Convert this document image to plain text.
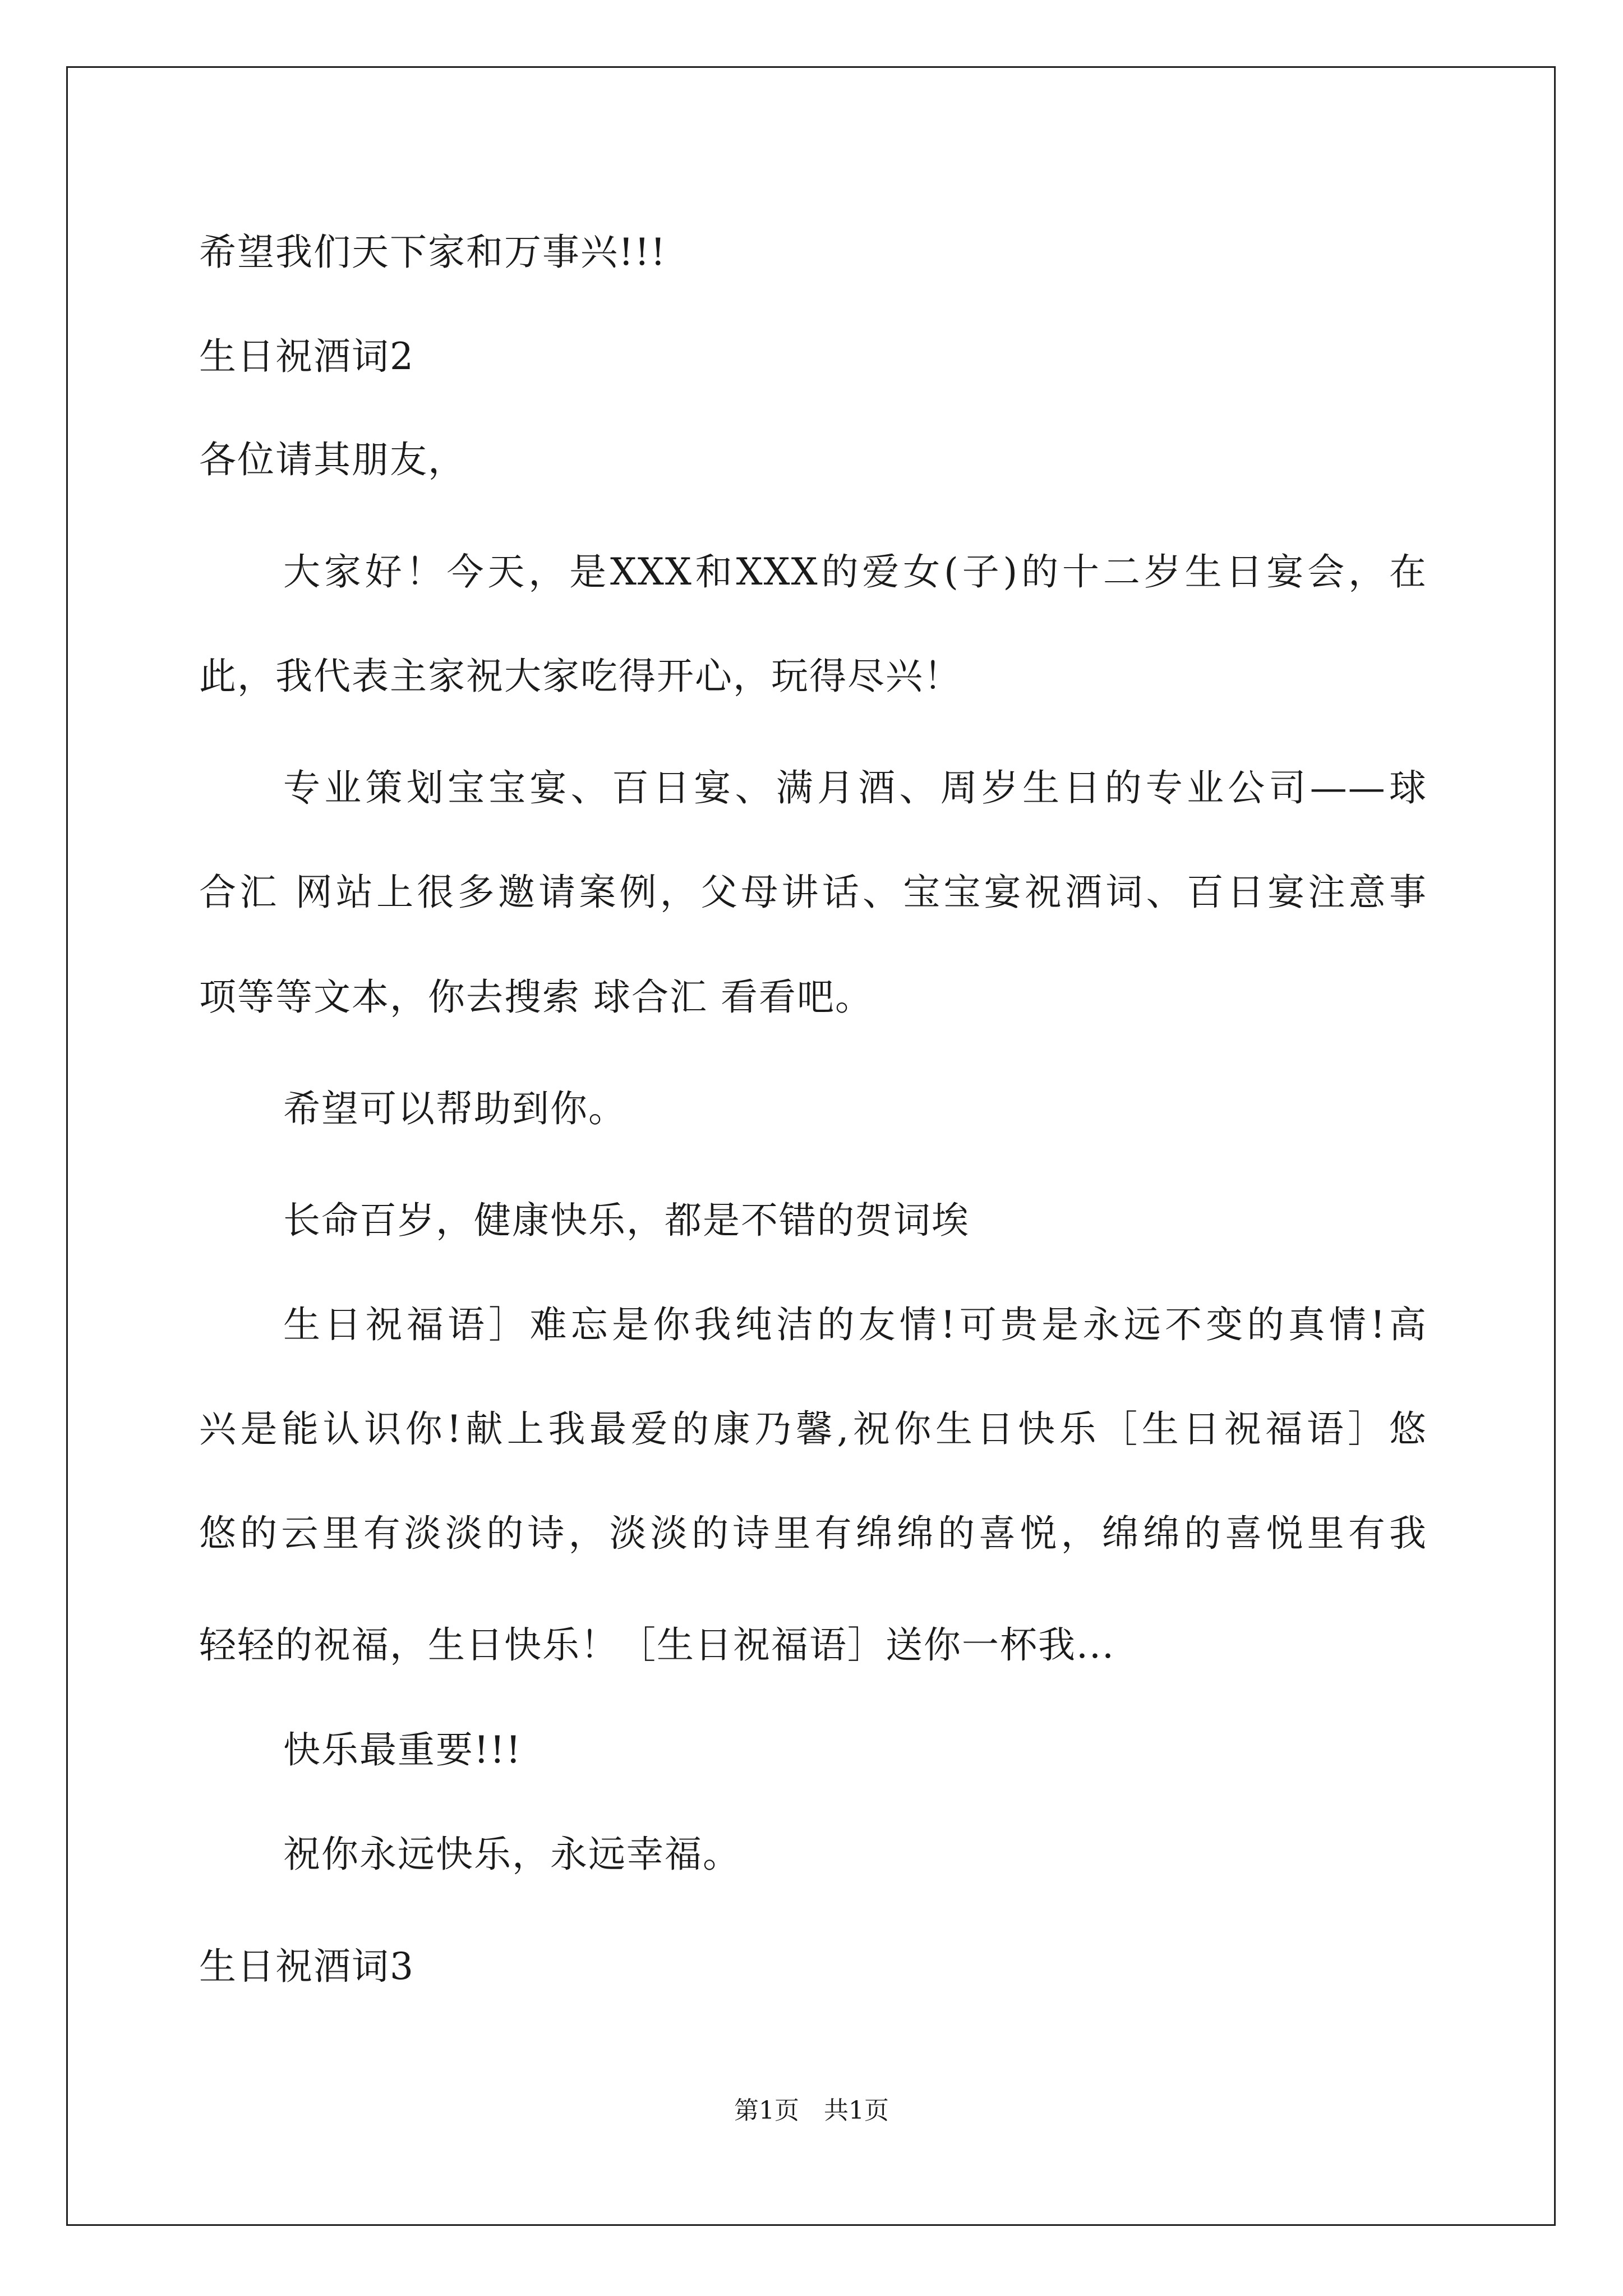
希望我们天下家和万事兴!!!
生日祝酒词2
各位请其朋友，
大家好！今天，是XXX和XXX的爱女(子)的十二岁生日宴会，在
此，我代表主家祝大家吃得开心，玩得尽兴！
专业策划宝宝宴、百日宴、满月酒、周岁生日的专业公司——球
合汇 网站上很多邀请案例，父母讲话、宝宝宴祝酒词、百日宴注意事
项等等文本，你去搜索 球合汇 看看吧。
希望可以帮助到你。
长命百岁，健康快乐，都是不错的贺词埃
生日祝福语］难忘是你我纯洁的友情!可贵是永远不变的真情!高
兴是能认识你!献上我最爱的康乃馨,祝你生日快乐［生日祝福语］悠
悠的云里有淡淡的诗，淡淡的诗里有绵绵的喜悦，绵绵的喜悦里有我
轻轻的祝福，生日快乐！［生日祝福语］送你一杯我...
快乐最重要!!!
祝你永远快乐，永远幸福。
生日祝酒词3
第1页　共1页
